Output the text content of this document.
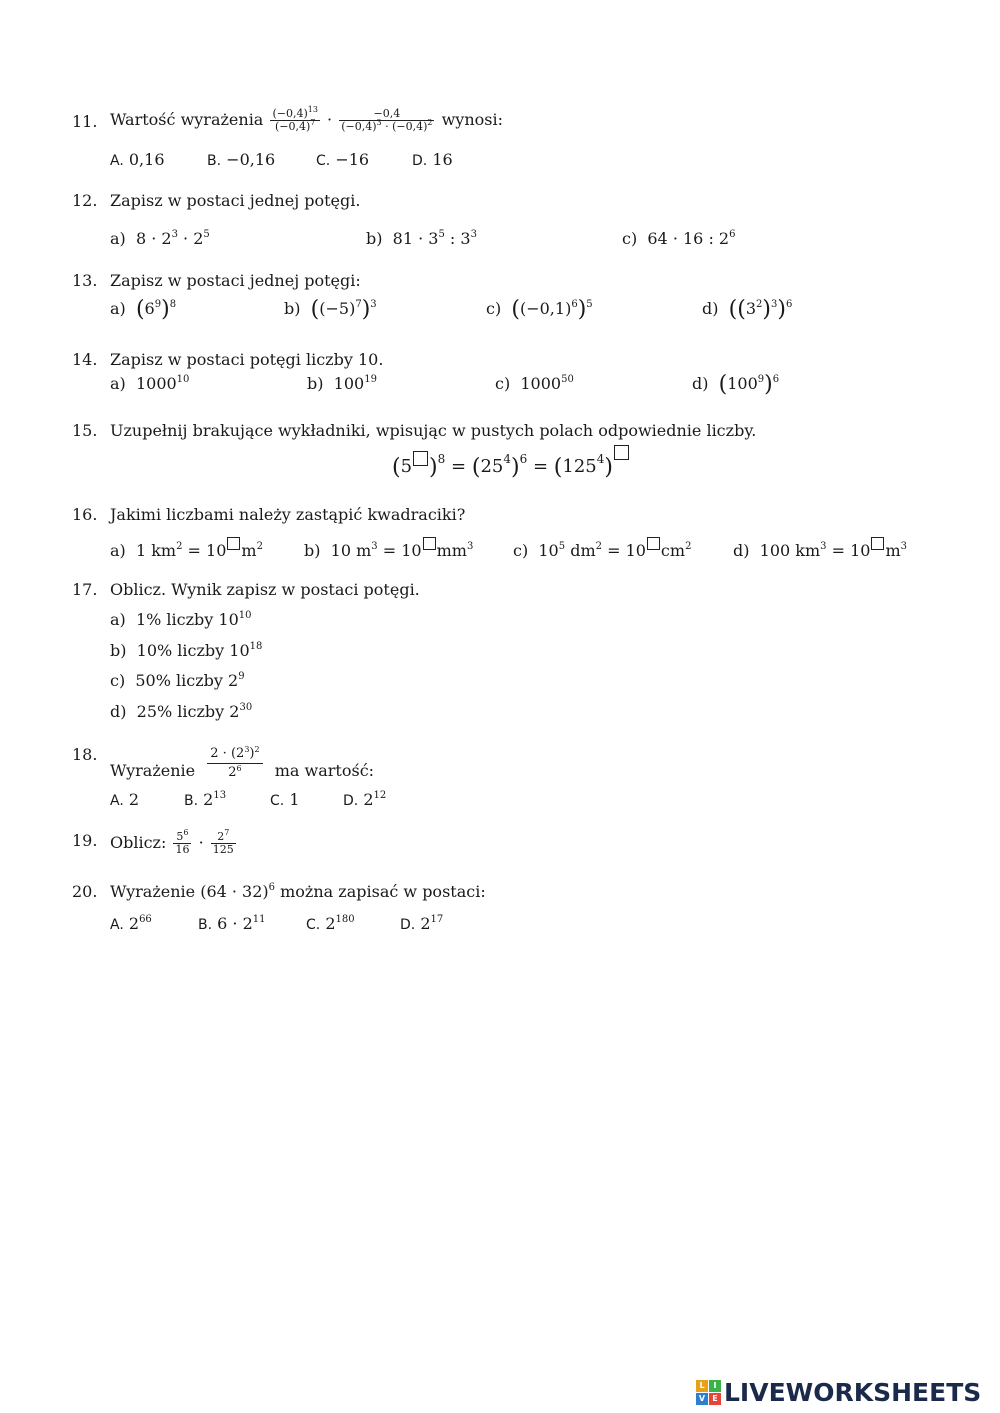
11. Wartość wyrażenia $\frac{(-0,4)^{13}}{(-0,4)^7} \cdot \frac{-0,4}{(-0,4)^3 \cdot (-0,4)^2}$ wynosi:
A. 0,16	B. −0,16	C. −16	D. 16
12. Zapisz w postaci jednej potęgi.
a) $8 \cdot 2^3 \cdot 2^5$	b) $81 \cdot 3^5$ : $3^3$	c) 64 · 16 : $2^6$
13. Zapisz w postaci jednej potęgi:
a) $(6^9)^8$	b) $((-5)^7)^3$	c) $((-0,1)^6)^5$	d) $((3^2)^3)^6$
14. Zapisz w postaci potęgi liczby 10.
a) 1000$^{10}$	b) $100^{19}$	c) 1000$^{50}$	d) $(100^9)^6$
15. Uzupełnij brakujące wykładniki, wpisując w pustych polach odpowiednie liczby.
(5 )$^8 = (25^4)^6 = (125^4)$
16. Jakimi liczbami należy zastąpić kwadraciki?
a) 1 $km^2 = 10$ $m^2$	b) 10 $m^3 = 10$ $mm^3$ c) $10^5$ $dm^2 = 10$ $cm^2$	d) 100 $km^3 = 10$ $m^3$
17. Oblicz. Wynik zapisz w postaci potęgi.
a) 1% liczby $10^{10}$
b) 10% liczby $10^{18}$
c) 50% liczby $2^9$
d) 25% liczby $2^{30}$
18.
Wyrażenie $\frac{2 \cdot (2^3)^2}{2^6}$ ma wartość:
A. 2	B. $2^{13}$	C. 1	D. $2^{12}$
19. Oblicz: $\frac{5^6}{16} \cdot \frac{2^7}{125}$
20. Wyrażenie $(64 \cdot 32)^6$ można zapisać w postaci:
A. $2^{66}$	B. $6 \cdot 2^{11}$	C. $2^{180}$	D. $2^{17}$
L	I
V E LIVEWORKSHEETS
